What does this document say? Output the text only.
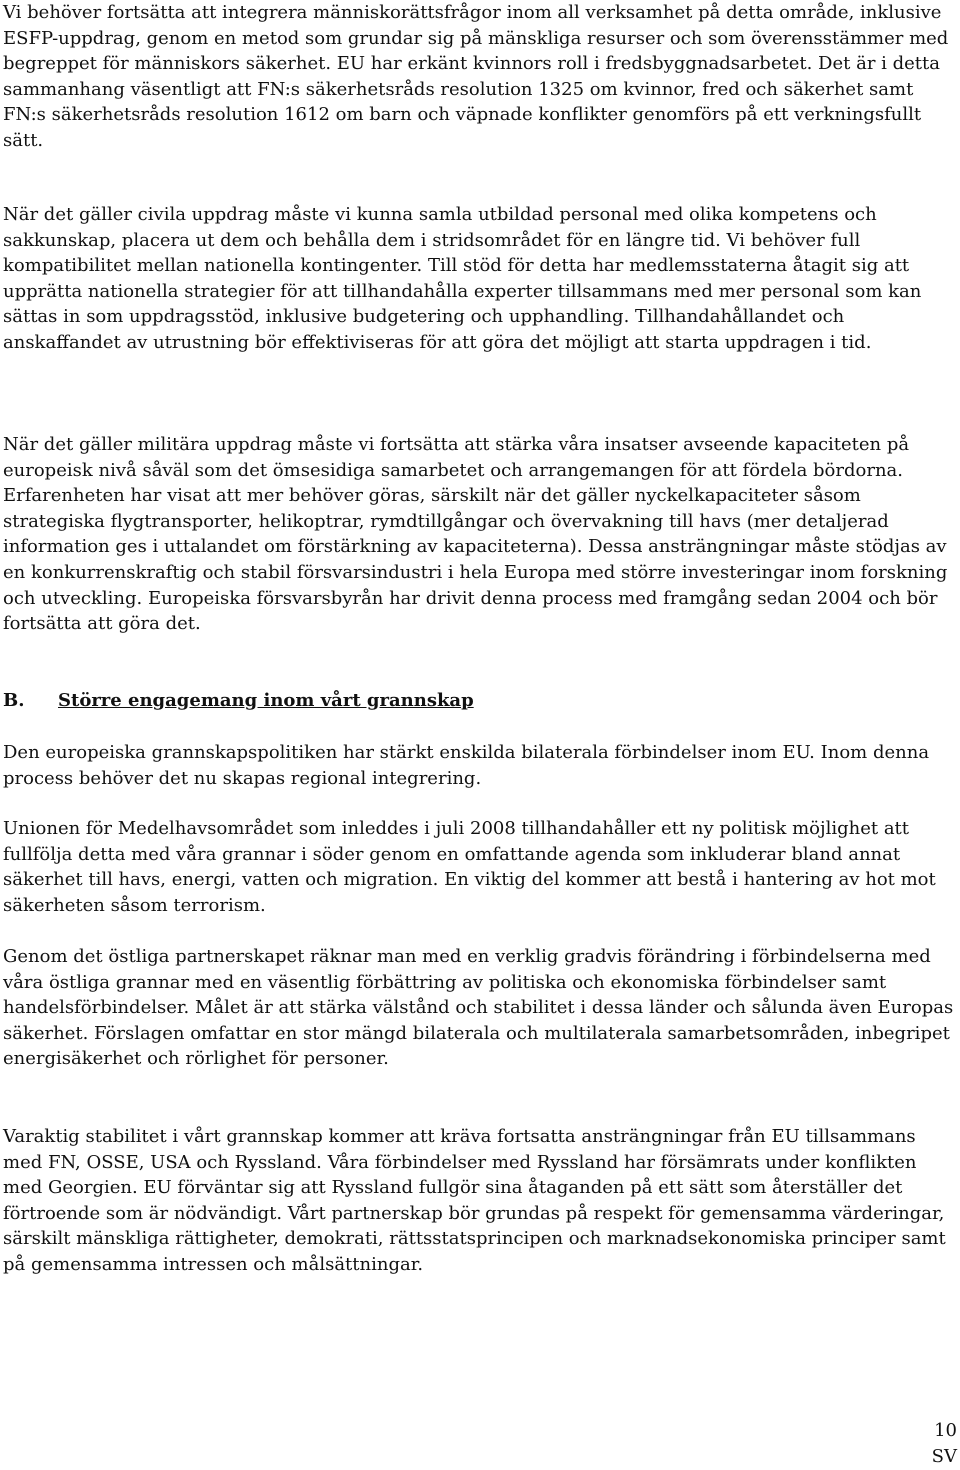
Vi behöver fortsätta att integrera människorättsfrågor inom all verksamhet på detta område, inklusive ESFP-uppdrag, genom en metod som grundar sig på mänskliga resurser och som överensstämmer med begreppet för människors säkerhet. EU har erkänt kvinnors roll i fredsbyggnadsarbetet. Det är i detta sammanhang väsentligt att FN:s säkerhetsråds resolution 1325 om kvinnor, fred och säkerhet samt FN:s säkerhetsråds resolution 1612 om barn och väpnade konflikter genomförs på ett verkningsfullt sätt.

När det gäller civila uppdrag måste vi kunna samla utbildad personal med olika kompetens och sakkunskap, placera ut dem och behålla dem i stridsområdet för en längre tid. Vi behöver full kompatibilitet mellan nationella kontingenter. Till stöd för detta har medlemsstaterna åtagit sig att upprätta nationella strategier för att tillhandahålla experter tillsammans med mer personal som kan sättas in som uppdragsstöd, inklusive budgetering och upphandling. Tillhandahållandet och anskaffandet av utrustning bör effektiviseras för att göra det möjligt att starta uppdragen i tid.

När det gäller militära uppdrag måste vi fortsätta att stärka våra insatser avseende kapaciteten på europeisk nivå såväl som det ömsesidiga samarbetet och arrangemangen för att fördela bördorna. Erfarenheten har visat att mer behöver göras, särskilt när det gäller nyckelkapaciteter såsom strategiska flygtransporter, helikoptrar, rymdtillgångar och övervakning till havs (mer detaljerad information ges i uttalandet om förstärkning av kapaciteterna). Dessa ansträngningar måste stödjas av en konkurrenskraftig och stabil försvarsindustri i hela Europa med större investeringar inom forskning och utveckling. Europeiska försvarsbyrån har drivit denna process med framgång sedan 2004 och bör fortsätta att göra det.

B. Större engagemang inom vårt grannskap

Den europeiska grannskapspolitiken har stärkt enskilda bilaterala förbindelser inom EU. Inom denna process behöver det nu skapas regional integrering.

Unionen för Medelhavsområdet som inleddes i juli 2008 tillhandahåller ett ny politisk möjlighet att fullfölja detta med våra grannar i söder genom en omfattande agenda som inkluderar bland annat säkerhet till havs, energi, vatten och migration. En viktig del kommer att bestå i hantering av hot mot säkerheten såsom terrorism.

Genom det östliga partnerskapet räknar man med en verklig gradvis förändring i förbindelserna med våra östliga grannar med en väsentlig förbättring av politiska och ekonomiska förbindelser samt handelsförbindelser. Målet är att stärka välstånd och stabilitet i dessa länder och sålunda även Europas säkerhet. Förslagen omfattar en stor mängd bilaterala och multilaterala samarbetsområden, inbegripet energisäkerhet och rörlighet för personer.

Varaktig stabilitet i vårt grannskap kommer att kräva fortsatta ansträngningar från EU tillsammans med FN, OSSE, USA och Ryssland. Våra förbindelser med Ryssland har försämrats under konflikten med Georgien. EU förväntar sig att Ryssland fullgör sina åtaganden på ett sätt som återställer det förtroende som är nödvändigt. Vårt partnerskap bör grundas på respekt för gemensamma värderingar, särskilt mänskliga rättigheter, demokrati, rättsstatsprincipen och marknadsekonomiska principer samt på gemensamma intressen och målsättningar.

10
SV
